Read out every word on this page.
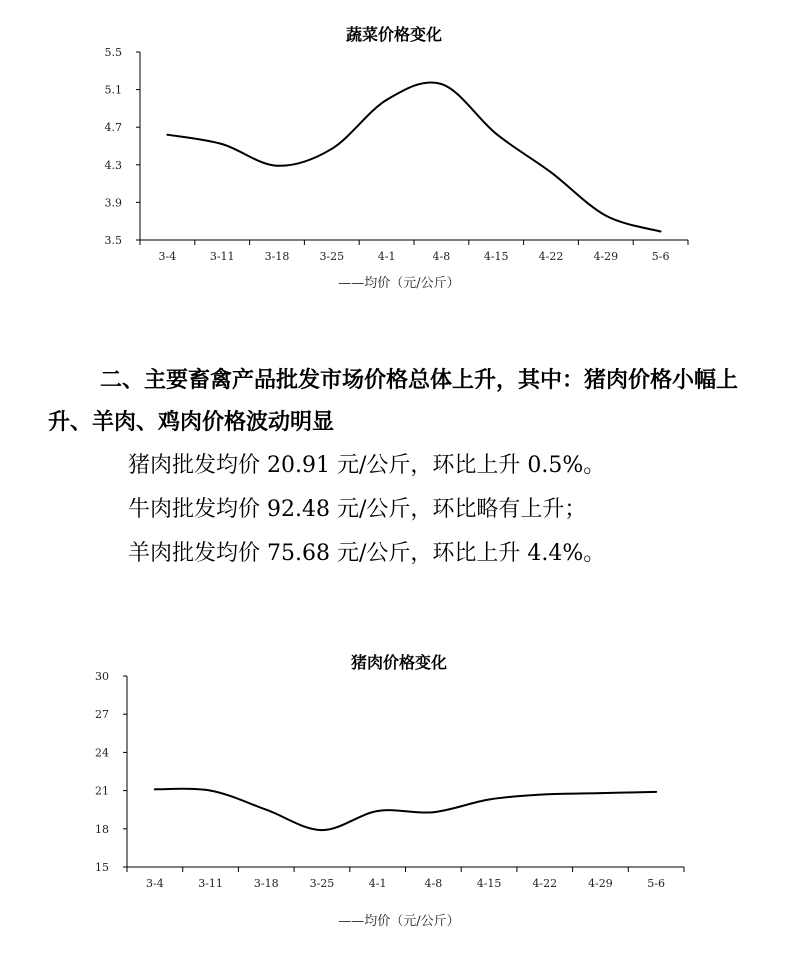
蔬菜价格变化
3.5
3.9
4.3
4.7
5.1
5.5
3-4	3-11	3-18	3-25	4-1	4-8	4-15	4-22	4-29	5-6
——均价（元/公斤）

二、主要畜禽产品批发市场价格总体上升，其中：猪肉价格小幅上升、羊肉、鸡肉价格波动明显

猪肉批发均价 20.91 元/公斤，环比上升 0.5%。

牛肉批发均价 92.48 元/公斤，环比略有上升；

羊肉批发均价 75.68 元/公斤，环比上升 4.4%。

猪肉价格变化
15
18
21
24
27
30
3-4	3-11	3-18	3-25	4-1	4-8	4-15	4-22	4-29	5-6
——均价（元/公斤）
